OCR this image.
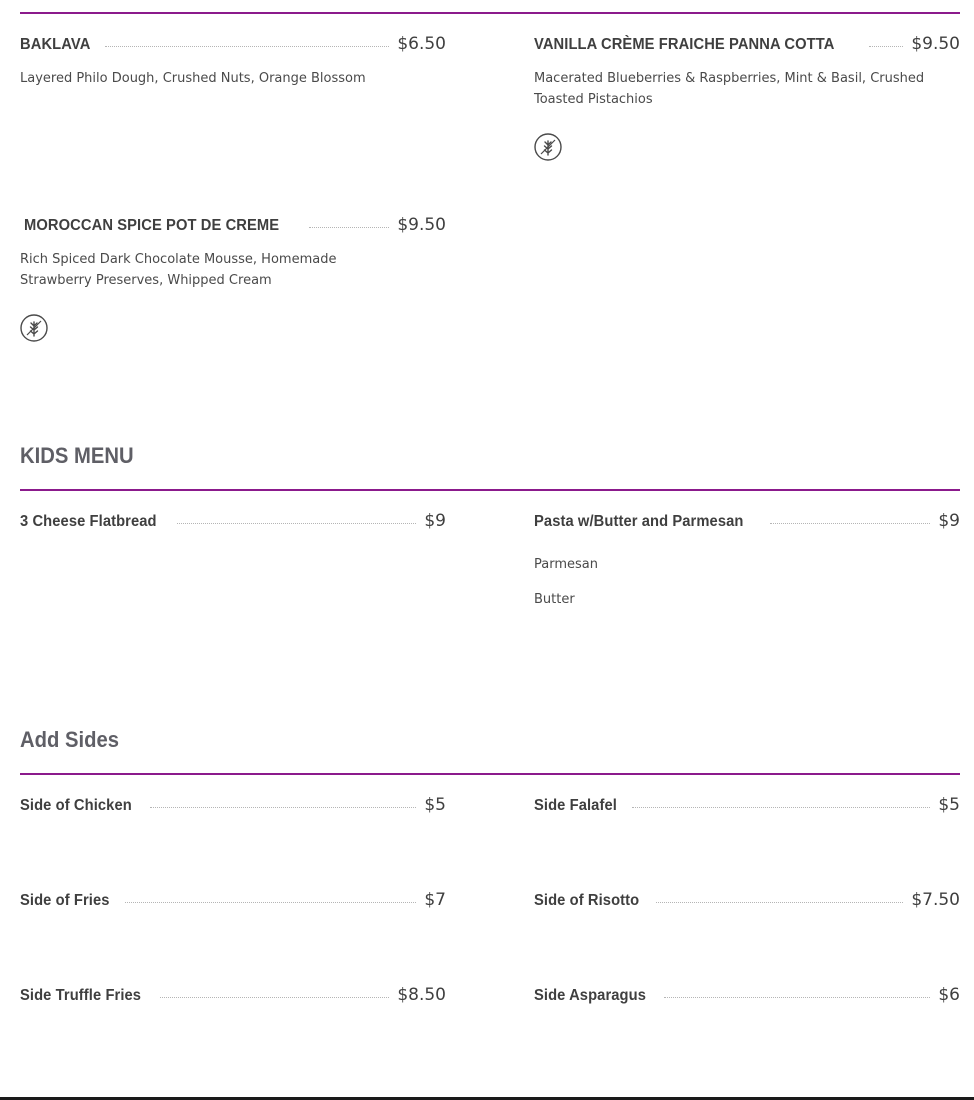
BAKLAVA	$6.50
Layered Philo Dough, Crushed Nuts, Orange Blossom
VANILLA CRÈME FRAICHE PANNA COTTA	$9.50
Macerated Blueberries & Raspberries, Mint & Basil, Crushed Toasted Pistachios
MOROCCAN SPICE POT DE CREME	$9.50
Rich Spiced Dark Chocolate Mousse, Homemade Strawberry Preserves, Whipped Cream
KIDS MENU
3 Cheese Flatbread	$9	Pasta w/Butter and Parmesan	$9
Parmesan
Butter
Add Sides
Side of Chicken	$5	Side Falafel	$5
Side of Fries	$7	Side of Risotto	$7.50
Side Truffle Fries	$8.50	Side Asparagus	$6
